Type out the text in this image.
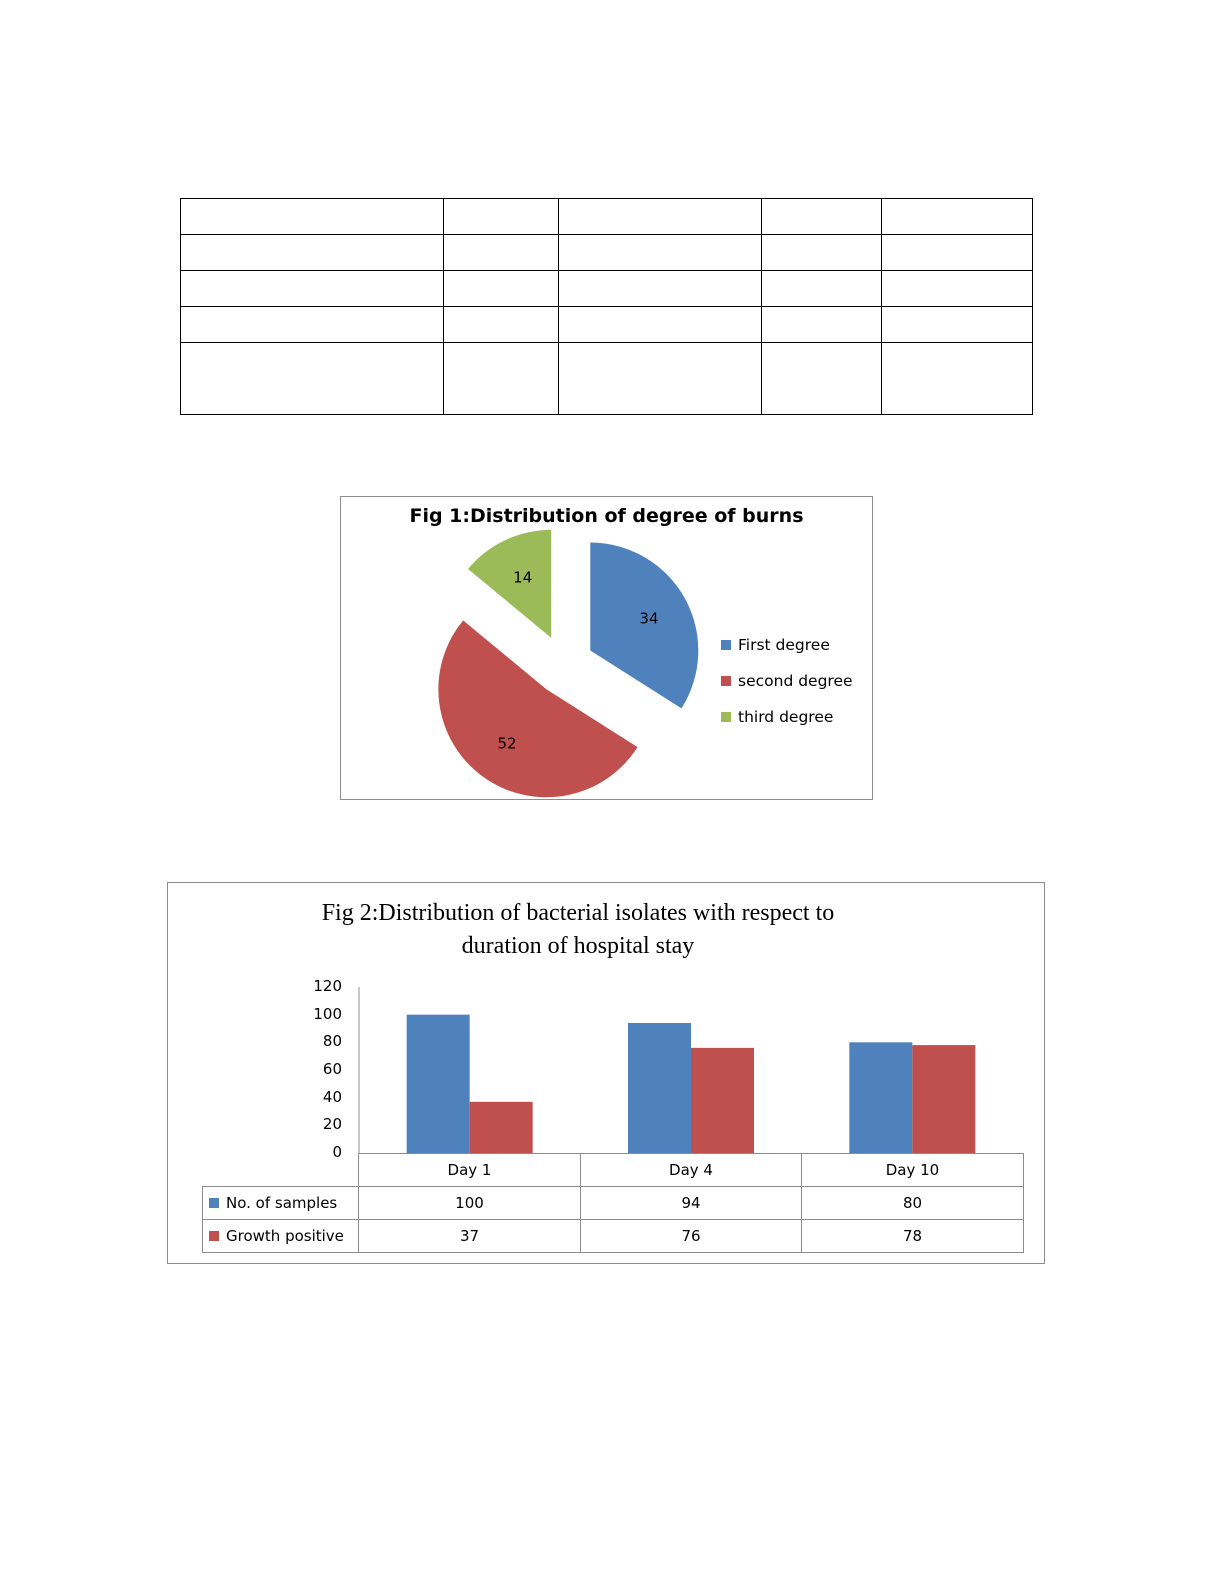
Fig 1:Distribution of degree of burns
34
52
14
First degree
second degree
third degree
Fig 2:Distribution of bacterial isolates with respect to
duration of hospital stay
0
20
40
60
80
100
120
	Day 1	Day 4	Day 10
No. of samples	100	94	80
Growth positive	37	76	78
